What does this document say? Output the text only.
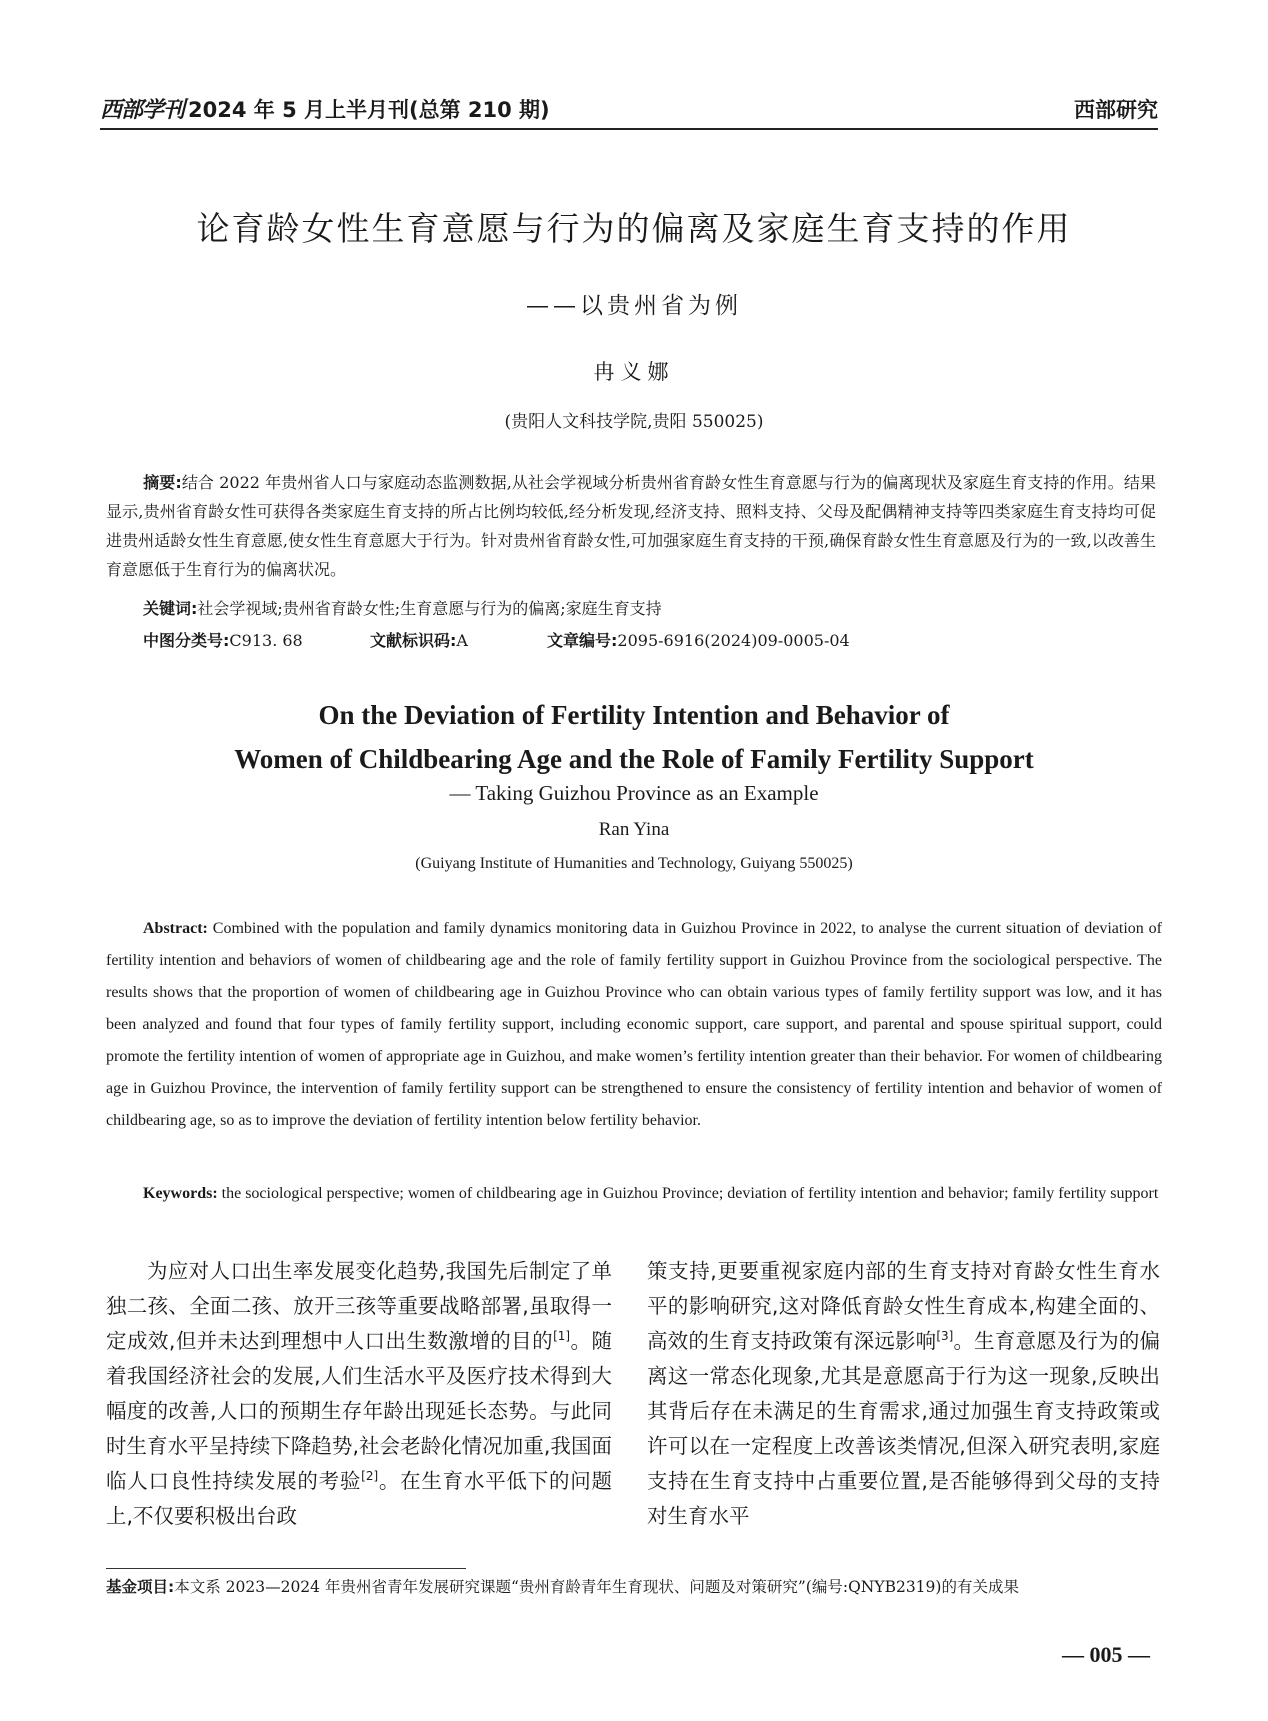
西部学刊 2024 年 5 月上半月刊(总第 210 期)	西部研究
论育龄女性生育意愿与行为的偏离及家庭生育支持的作用
——以贵州省为例
冉义娜
(贵阳人文科技学院,贵阳 550025)
摘要:结合 2022 年贵州省人口与家庭动态监测数据,从社会学视域分析贵州省育龄女性生育意愿与行为的偏离现状及家庭生育支持的作用。结果显示,贵州省育龄女性可获得各类家庭生育支持的所占比例均较低,经分析发现,经济支持、照料支持、父母及配偶精神支持等四类家庭生育支持均可促进贵州适龄女性生育意愿,使女性生育意愿大于行为。针对贵州省育龄女性,可加强家庭生育支持的干预,确保育龄女性生育意愿及行为的一致,以改善生育意愿低于生育行为的偏离状况。
关键词:社会学视域;贵州省育龄女性;生育意愿与行为的偏离;家庭生育支持
中图分类号:C913. 68	文献标识码:A	文章编号:2095-6916(2024)09-0005-04
On the Deviation of Fertility Intention and Behavior of
Women of Childbearing Age and the Role of Family Fertility Support
— Taking Guizhou Province as an Example
Ran Yina
(Guiyang Institute of Humanities and Technology, Guiyang 550025)
Abstract: Combined with the population and family dynamics monitoring data in Guizhou Province in 2022, to analyse the current situation of deviation of fertility intention and behaviors of women of childbearing age and the role of family fertility support in Guizhou Province from the sociological perspective. The results shows that the proportion of women of childbearing age in Guizhou Province who can obtain various types of family fertility support was low, and it has been analyzed and found that four types of family fertility support, including economic support, care support, and parental and spouse spiritual support, could promote the fertility intention of women of appropriate age in Guizhou, and make women’s fertility intention greater than their behavior. For women of childbearing age in Guizhou Province, the intervention of family fertility support can be strengthened to ensure the consistency of fertility intention and behavior of women of childbearing age, so as to improve the deviation of fertility intention below fertility behavior.
Keywords: the sociological perspective; women of childbearing age in Guizhou Province; deviation of fertility intention and behavior; family fertility support
为应对人口出生率发展变化趋势,我国先后制定了单独二孩、全面二孩、放开三孩等重要战略部署,虽取得一定成效,但并未达到理想中人口出生数激增的目的[1]。随着我国经济社会的发展,人们生活水平及医疗技术得到大幅度的改善,人口的预期生存年龄出现延长态势。与此同时生育水平呈持续下降趋势,社会老龄化情况加重,我国面临人口良性持续发展的考验[2]。在生育水平低下的问题上,不仅要积极出台政
策支持,更要重视家庭内部的生育支持对育龄女性生育水平的影响研究,这对降低育龄女性生育成本,构建全面的、高效的生育支持政策有深远影响[3]。生育意愿及行为的偏离这一常态化现象,尤其是意愿高于行为这一现象,反映出其背后存在未满足的生育需求,通过加强生育支持政策或许可以在一定程度上改善该类情况,但深入研究表明,家庭支持在生育支持中占重要位置,是否能够得到父母的支持对生育水平
基金项目:本文系 2023—2024 年贵州省青年发展研究课题“贵州育龄青年生育现状、问题及对策研究”(编号:QNYB2319)的有关成果
— 005 —
